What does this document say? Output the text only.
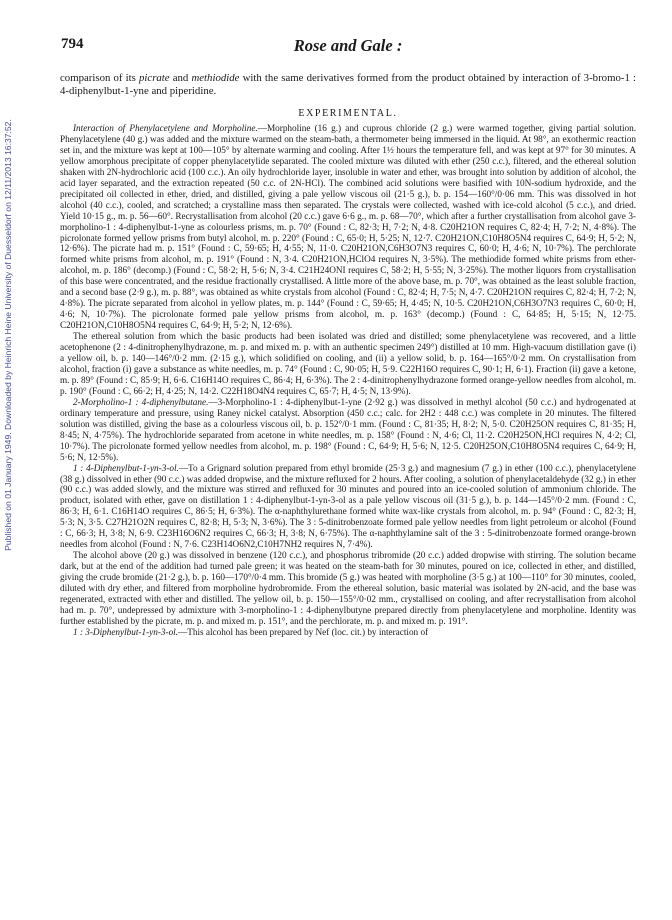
Published on 01 January 1949. Downloaded by Heinrich Heine University of Duesseldorf on 12/11/2013 16:37:52.
794	Rose and Gale :

comparison of its picrate and methiodide with the same derivatives formed from the product obtained by interaction of 3-bromo-1 : 4-diphenylbut-1-yne and piperidine.

EXPERIMENTAL.

Interaction of Phenylacetylene and Morpholine.—Morpholine (16 g.) and cuprous chloride (2 g.) were warmed together, giving partial solution. Phenylacetylene (40 g.) was added and the mixture warmed on the steam-bath, a thermometer being immersed in the liquid. At 98°, an exothermic reaction set in, and the mixture was kept at 100—105° by alternate warming and cooling. After 1½ hours the temperature fell, and was kept at 97° for 30 minutes. A yellow amorphous precipitate of copper phenylacetylide separated. The cooled mixture was diluted with ether (250 c.c.), filtered, and the ethereal solution shaken with 2N-hydrochloric acid (100 c.c.). An oily hydrochloride layer, insoluble in water and ether, was brought into solution by addition of alcohol, the acid layer separated, and the extraction repeated (50 c.c. of 2N-HCl). The combined acid solutions were basified with 10N-sodium hydroxide, and the precipitated oil collected in ether, dried, and distilled, giving a pale yellow viscous oil (21·5 g.), b. p. 154—160°/0·06 mm. This was dissolved in hot alcohol (40 c.c.), cooled, and scratched; a crystalline mass then separated. The crystals were collected, washed with ice-cold alcohol (5 c.c.), and dried. Yield 10·15 g., m. p. 56—60°. Recrystallisation from alcohol (20 c.c.) gave 6·6 g., m. p. 68—70°, which after a further crystallisation from alcohol gave 3-morpholino-1 : 4-diphenylbut-1-yne as colourless prisms, m. p. 70° (Found : C, 82·3; H, 7·2; N, 4·8. C20H21ON requires C, 82·4; H, 7·2; N, 4·8%). The picrolonate formed yellow prisms from butyl alcohol, m. p. 220° (Found : C, 65·0; H, 5·25; N, 12·7. C20H21ON,C10H8O5N4 requires C, 64·9; H, 5·2; N, 12·6%). The picrate had m. p. 151° (Found : C, 59·65; H, 4·55; N, 11·0. C20H21ON,C6H3O7N3 requires C, 60·0; H, 4·6; N, 10·7%). The perchlorate formed white prisms from alcohol, m. p. 191° (Found : N, 3·4. C20H21ON,HClO4 requires N, 3·5%). The methiodide formed white prisms from ether-alcohol, m. p. 186° (decomp.) (Found : C, 58·2; H, 5·6; N, 3·4. C21H24ONI requires C, 58·2; H, 5·55; N, 3·25%). The mother liquors from crystallisation of this base were concentrated, and the residue fractionally crystallised. A little more of the above base, m. p. 70°, was obtained as the least soluble fraction, and a second base (2·9 g.), m. p. 88°, was obtained as white crystals from alcohol (Found : C, 82·4; H, 7·5; N, 4·7. C20H21ON requires C, 82·4; H, 7·2; N, 4·8%). The picrate separated from alcohol in yellow plates, m. p. 144° (Found : C, 59·65; H, 4·45; N, 10·5. C20H21ON,C6H3O7N3 requires C, 60·0; H, 4·6; N, 10·7%). The picrolonate formed pale yellow prisms from alcohol, m. p. 163° (decomp.) (Found : C, 64·85; H, 5·15; N, 12·75. C20H21ON,C10H8O5N4 requires C, 64·9; H, 5·2; N, 12·6%).

The ethereal solution from which the basic products had been isolated was dried and distilled; some phenylacetylene was recovered, and a little acetophenone (2 : 4-dinitrophenylhydrazone, m. p. and mixed m. p. with an authentic specimen 249°) distilled at 10 mm. High-vacuum distillation gave (i) a yellow oil, b. p. 140—146°/0·2 mm. (2·15 g.), which solidified on cooling, and (ii) a yellow solid, b. p. 164—165°/0·2 mm. On crystallisation from alcohol, fraction (i) gave a substance as white needles, m. p. 74° (Found : C, 90·05; H, 5·9. C22H16O requires C, 90·1; H, 6·1). Fraction (ii) gave a ketone, m. p. 89° (Found : C, 85·9; H, 6·6. C16H14O requires C, 86·4; H, 6·3%). The 2 : 4-dinitrophenylhydrazone formed orange-yellow needles from alcohol, m. p. 190° (Found : C, 66·2; H, 4·25; N, 14·2. C22H18O4N4 requires C, 65·7; H, 4·5; N, 13·9%).

2-Morpholino-1 : 4-diphenylbutane.—3-Morpholino-1 : 4-diphenylbut-1-yne (2·92 g.) was dissolved in methyl alcohol (50 c.c.) and hydrogenated at ordinary temperature and pressure, using Raney nickel catalyst. Absorption (450 c.c.; calc. for 2H2 : 448 c.c.) was complete in 20 minutes. The filtered solution was distilled, giving the base as a colourless viscous oil, b. p. 152°/0·1 mm. (Found : C, 81·35; H, 8·2; N, 5·0. C20H25ON requires C, 81·35; H, 8·45; N, 4·75%). The hydrochloride separated from acetone in white needles, m. p. 158° (Found : N, 4·6; Cl, 11·2. C20H25ON,HCl requires N, 4·2; Cl, 10·7%). The picrolonate formed yellow needles from alcohol, m. p. 198° (Found : C, 64·9; H, 5·6; N, 12·5. C20H25ON,C10H8O5N4 requires C, 64·9; H, 5·6; N, 12·5%).

1 : 4-Diphenylbut-1-yn-3-ol.—To a Grignard solution prepared from ethyl bromide (25·3 g.) and magnesium (7 g.) in ether (100 c.c.), phenylacetylene (38 g.) dissolved in ether (90 c.c.) was added dropwise, and the mixture refluxed for 2 hours. After cooling, a solution of phenylacetaldehyde (32 g.) in ether (90 c.c.) was added slowly, and the mixture was stirred and refluxed for 30 minutes and poured into an ice-cooled solution of ammonium chloride. The product, isolated with ether, gave on distillation 1 : 4-diphenylbut-1-yn-3-ol as a pale yellow viscous oil (31·5 g.), b. p. 144—145°/0·2 mm. (Found : C, 86·3; H, 6·1. C16H14O requires C, 86·5; H, 6·3%). The α-naphthylurethane formed white wax-like crystals from alcohol, m. p. 94° (Found : C, 82·3; H, 5·3; N, 3·5. C27H21O2N requires C, 82·8; H, 5·3; N, 3·6%). The 3 : 5-dinitrobenzoate formed pale yellow needles from light petroleum or alcohol (Found : C, 66·3; H, 3·8; N, 6·9. C23H16O6N2 requires C, 66·3; H, 3·8; N, 6·75%). The α-naphthylamine salt of the 3 : 5-dinitrobenzoate formed orange-brown needles from alcohol (Found : N, 7·6. C23H14O6N2,C10H7NH2 requires N, 7·4%).

The alcohol above (20 g.) was dissolved in benzene (120 c.c.), and phosphorus tribromide (20 c.c.) added dropwise with stirring. The solution became dark, but at the end of the addition had turned pale green; it was heated on the steam-bath for 30 minutes, poured on ice, collected in ether, and distilled, giving the crude bromide (21·2 g.), b. p. 160—170°/0·4 mm. This bromide (5 g.) was heated with morpholine (3·5 g.) at 100—110° for 30 minutes, cooled, diluted with dry ether, and filtered from morpholine hydrobromide. From the ethereal solution, basic material was isolated by 2N-acid, and the base was regenerated, extracted with ether and distilled. The yellow oil, b. p. 150—155°/0·02 mm., crystallised on cooling, and after recrystallisation from alcohol had m. p. 70°, undepressed by admixture with 3-morpholino-1 : 4-diphenylbutyne prepared directly from phenylacetylene and morpholine. Identity was further established by the picrate, m. p. and mixed m. p. 151°, and the perchlorate, m. p. and mixed m. p. 191°.

1 : 3-Diphenylbut-1-yn-3-ol.—This alcohol has been prepared by Nef (loc. cit.) by interaction of
